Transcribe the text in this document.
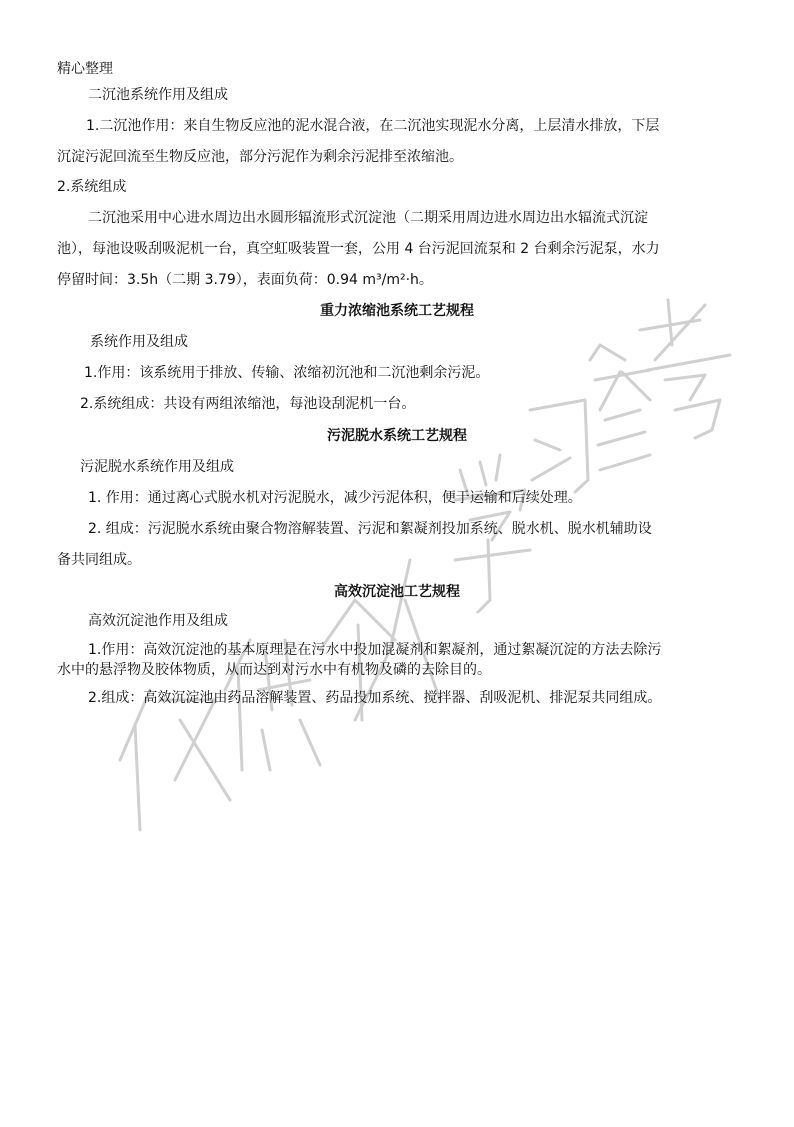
精心整理
二沉池系统作用及组成
1.二沉池作用：来自生物反应池的泥水混合液，在二沉池实现泥水分离，上层清水排放，下层
沉淀污泥回流至生物反应池，部分污泥作为剩余污泥排至浓缩池。
2.系统组成
二沉池采用中心进水周边出水圆形辐流形式沉淀池（二期采用周边进水周边出水辐流式沉淀
池），每池设吸刮吸泥机一台，真空虹吸装置一套，公用 4 台污泥回流泵和 2 台剩余污泥泵，水力
停留时间：3.5h（二期 3.79），表面负荷：0.94 m³/m²·h。
重力浓缩池系统工艺规程
系统作用及组成
1.作用：该系统用于排放、传输、浓缩初沉池和二沉池剩余污泥。
2.系统组成：共设有两组浓缩池，每池设刮泥机一台。
污泥脱水系统工艺规程
污泥脱水系统作用及组成
1. 作用：通过离心式脱水机对污泥脱水，减少污泥体积，便于运输和后续处理。
2. 组成：污泥脱水系统由聚合物溶解装置、污泥和絮凝剂投加系统、脱水机、脱水机辅助设
备共同组成。
高效沉淀池工艺规程
高效沉淀池作用及组成
1.作用：高效沉淀池的基本原理是在污水中投加混凝剂和絮凝剂，通过絮凝沉淀的方法去除污
水中的悬浮物及胶体物质，从而达到对污水中有机物及磷的去除目的。
2.组成：高效沉淀池由药品溶解装置、药品投加系统、搅拌器、刮吸泥机、排泥泵共同组成。
